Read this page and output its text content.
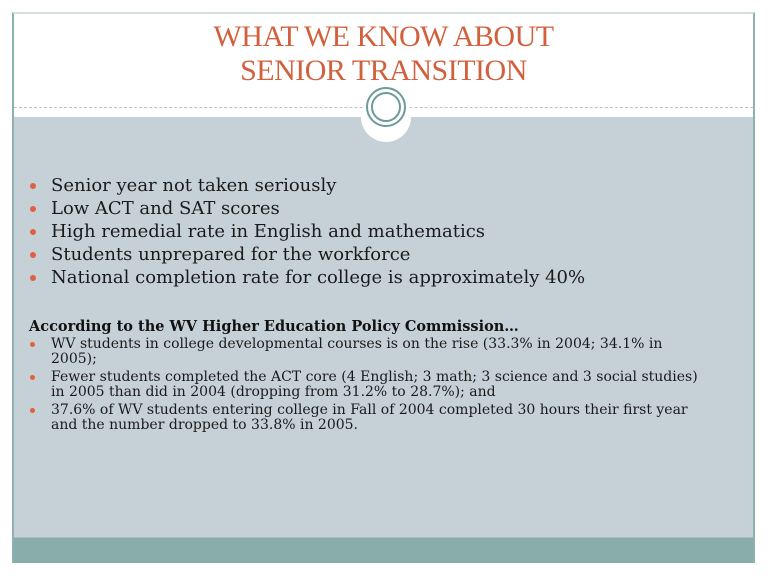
WHAT WE KNOW ABOUT
SENIOR TRANSITION
Senior year not taken seriously
Low ACT and SAT scores
High remedial rate in English and mathematics
Students unprepared for the workforce
National completion rate for college is approximately 40%
According to the WV Higher Education Policy Commission…
WV students in college developmental courses is on the rise (33.3% in 2004; 34.1% in 2005);
Fewer students completed the ACT core (4 English; 3 math; 3 science and 3 social studies) in 2005 than did in 2004 (dropping from 31.2% to 28.7%); and
37.6% of WV students entering college in Fall of 2004 completed 30 hours their first year and the number dropped to 33.8% in 2005.
